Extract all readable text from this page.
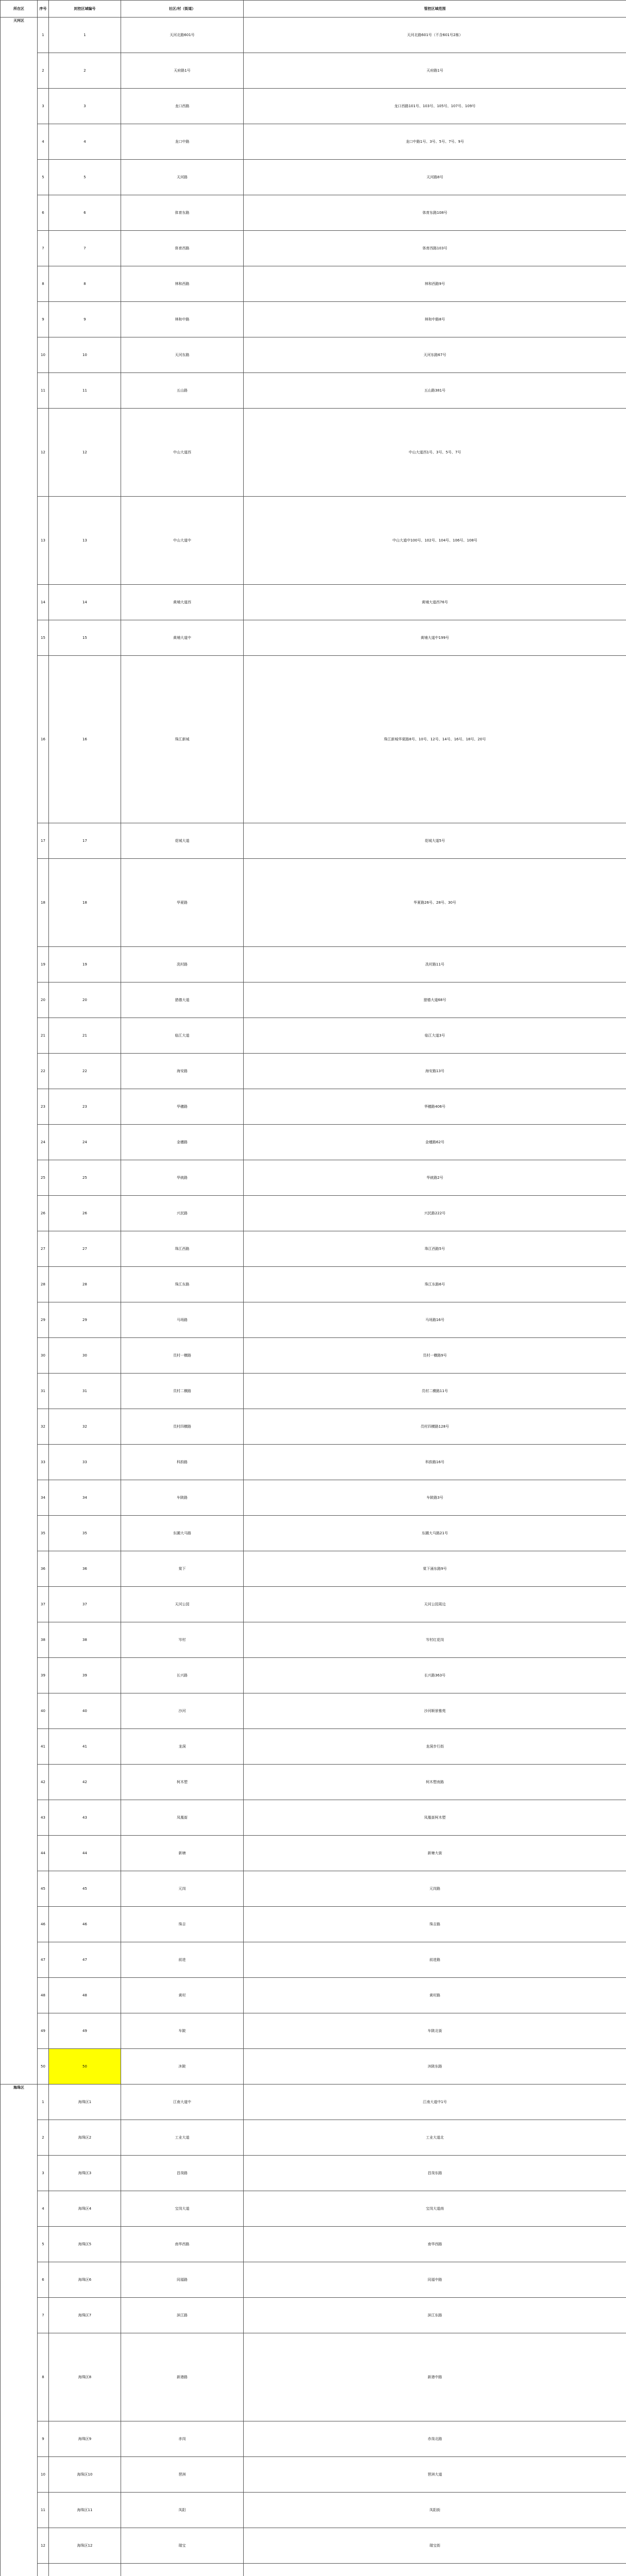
所在区	序号	封控区域编号	社区/村（街道）	管控区域范围
天河区	1	1	天河北路601号	天河北路601号（不含601号2栋）
	2	2	天府路1号	天府路1号
	3	3	龙口西路	龙口西路101号、103号、105号、107号、109号
	4	4	龙口中路	龙口中路1号、3号、5号、7号、9号
	5	5	天河路	天河路8号
	6	6	体育东路	体育东路108号
	7	7	体育西路	体育西路103号
	8	8	林和西路	林和西路9号
	9	9	林和中路	林和中路8号
	10	10	天河东路	天河东路67号
	11	11	五山路	五山路381号
	12	12	中山大道西	中山大道西1号、3号、5号、7号
	13	13	中山大道中	中山大道中100号、102号、104号、106号、108号
	14	14	黄埔大道西	黄埔大道西76号
	15	15	黄埔大道中	黄埔大道中199号
	16	16	珠江新城	珠江新城华夏路8号、10号、12号、14号、16号、18号、20号
	17	17	花城大道	花城大道5号
	18	18	华夏路	华夏路26号、28号、30号
	19	19	冼村路	冼村路11号
	20	20	猎德大道	猎德大道68号
	21	21	临江大道	临江大道3号
	22	22	海安路	海安路13号
	23	23	华穗路	华穗路406号
	24	24	金穗路	金穗路62号
	25	25	华就路	华就路2号
	26	26	兴民路	兴民路222号
	27	27	珠江西路	珠江西路5号
	28	28	珠江东路	珠江东路6号
	29	29	马场路	马场路16号
	30	30	员村一横路	员村一横路9号
	31	31	员村二横路	员村二横路11号
	32	32	员村四横路	员村四横路128号
	33	33	科韵路	科韵路16号
	34	34	车陂路	车陂路3号
	35	35	东圃大马路	东圃大马路21号
	36	36	棠下	棠下涌东路9号
	37	37	天河公园	天河公园周边
	38	38	岑村	岑村红花岗
	39	39	长兴路	长兴路363号
	40	40	沙河	沙河顺景雅苑
	41	41	龙洞	龙洞步行街
	42	42	柯木塱	柯木塱南路
	43	43	凤凰街	凤凰街柯木塱
	44	44	新塘	新塘大街
	45	45	元岗	元岗路
	46	46	珠吉	珠吉路
	47	47	前进	前进路
	48	48	黄村	黄村路
	49	49	车陂	车陂北街
	50	50	沐陂	沐陂东路
海珠区	1	海珠区1	江南大道中	江南大道中1号
	2	海珠区2	工业大道	工业大道北
	3	海珠区3	昌岗路	昌岗东路
	4	海珠区4	宝岗大道	宝岗大道南
	5	海珠区5	南华西路	南华西路
	6	海珠区6	同福路	同福中路
	7	海珠区7	滨江路	滨江东路
	8	海珠区8	新港路	新港中路
	9	海珠区9	赤岗	赤岗北路
	10	海珠区10	琶洲	琶洲大道
	11	海珠区11	凤阳	凤阳街
	12	海珠区12	瑞宝	瑞宝街
